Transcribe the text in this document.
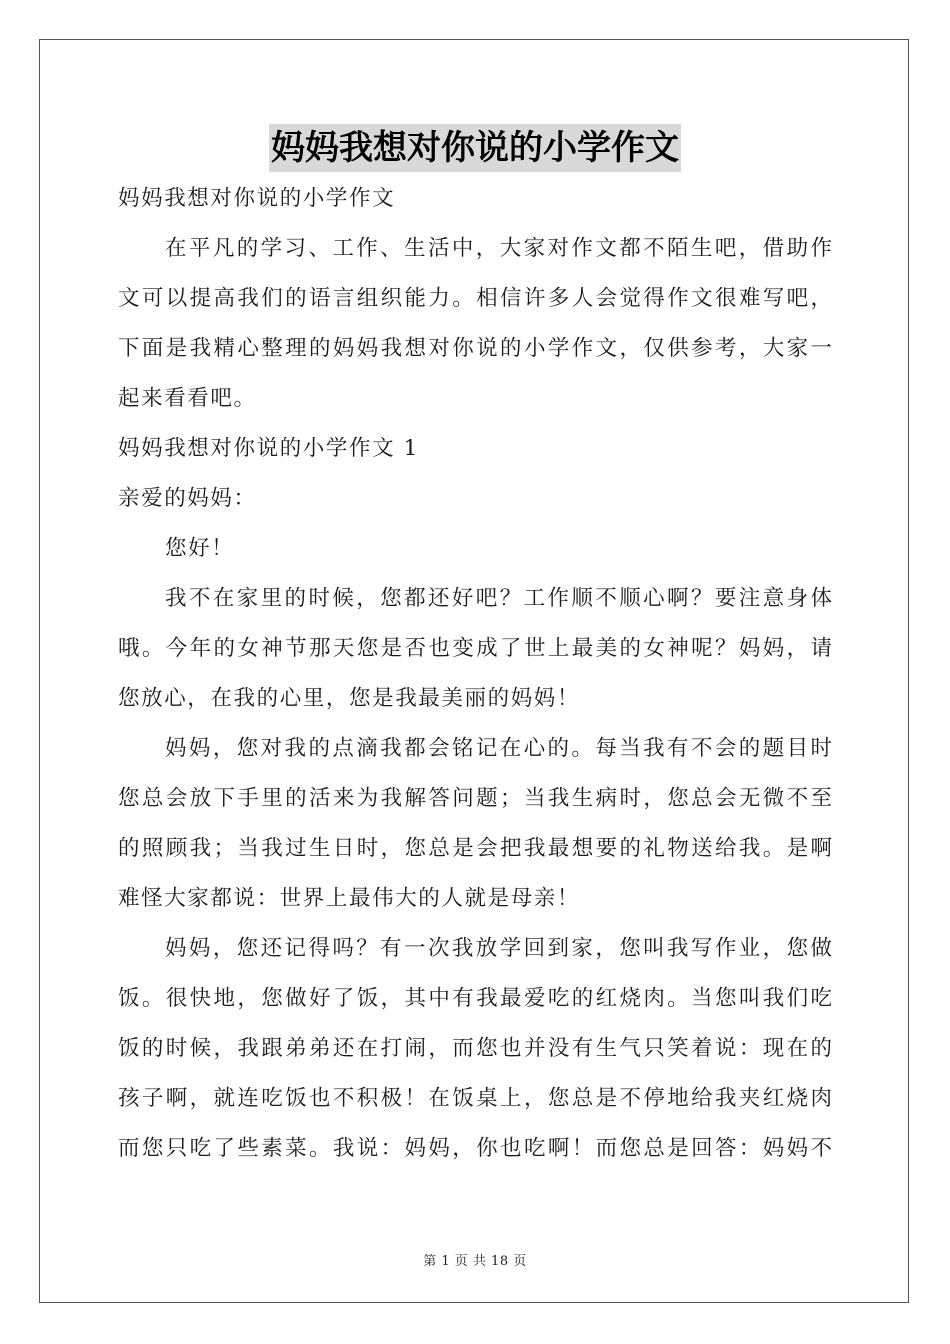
妈妈我想对你说的小学作文
妈妈我想对你说的小学作文
在平凡的学习、工作、生活中，大家对作文都不陌生吧，借助作
文可以提高我们的语言组织能力。相信许多人会觉得作文很难写吧，
下面是我精心整理的妈妈我想对你说的小学作文，仅供参考，大家一
起来看看吧。
妈妈我想对你说的小学作文 1
亲爱的妈妈：
您好！
我不在家里的时候，您都还好吧？工作顺不顺心啊？要注意身体
哦。今年的女神节那天您是否也变成了世上最美的女神呢？妈妈，请
您放心，在我的心里，您是我最美丽的妈妈！
妈妈，您对我的点滴我都会铭记在心的。每当我有不会的题目时
您总会放下手里的活来为我解答问题；当我生病时，您总会无微不至
的照顾我；当我过生日时，您总是会把我最想要的礼物送给我。是啊
难怪大家都说：世界上最伟大的人就是母亲！
妈妈，您还记得吗？有一次我放学回到家，您叫我写作业，您做
饭。很快地，您做好了饭，其中有我最爱吃的红烧肉。当您叫我们吃
饭的时候，我跟弟弟还在打闹，而您也并没有生气只笑着说：现在的
孩子啊，就连吃饭也不积极！在饭桌上，您总是不停地给我夹红烧肉
而您只吃了些素菜。我说：妈妈，你也吃啊！而您总是回答：妈妈不
第 1 页 共 18 页
